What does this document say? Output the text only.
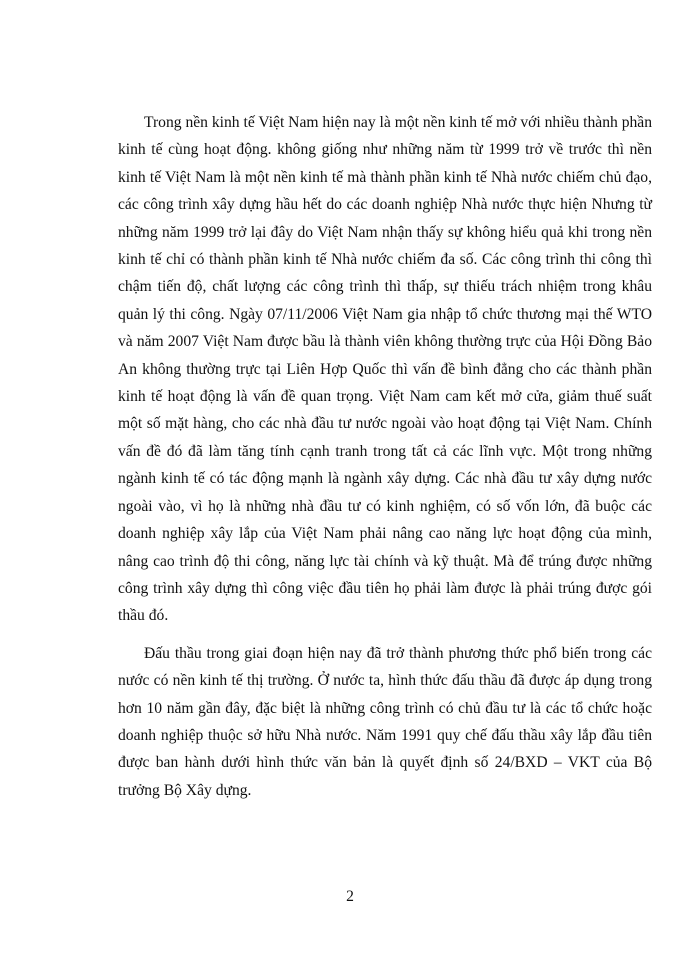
Trong nền kinh tế Việt Nam hiện nay là một nền kinh tế mở với nhiều thành phần kinh tế cùng hoạt động. không giống như những năm từ 1999 trở về trước thì nền kinh tế Việt Nam là một nền kinh tế mà thành phần kinh tế Nhà nước chiếm chủ đạo, các công trình xây dựng hầu hết do các doanh nghiệp Nhà nước thực hiện Nhưng từ những năm 1999 trở lại đây do Việt Nam nhận thấy sự không hiểu quả khi trong nền kinh tế chỉ có thành phần kinh tế Nhà nước chiếm đa số. Các công trình thi công thì chậm tiến độ, chất lượng các công trình thì thấp, sự thiếu trách nhiệm trong khâu quản lý thi công. Ngày 07/11/2006 Việt Nam gia nhập tổ chức thương mại thế WTO và năm 2007 Việt Nam được bầu là thành viên không thường trực của Hội Đồng Bảo An không thường trực tại Liên Hợp Quốc thì vấn đề bình đẳng cho các thành phần kinh tế hoạt động là vấn đề quan trọng. Việt Nam cam kết mở cửa, giảm thuế suất một số mặt hàng, cho các nhà đầu tư nước ngoài vào hoạt động tại Việt Nam. Chính vấn đề đó đã làm tăng tính cạnh tranh trong tất cả các lĩnh vực. Một trong những ngành kinh tế có tác động mạnh là ngành xây dựng. Các nhà đầu tư xây dựng nước ngoài vào, vì họ là những nhà đầu tư có kinh nghiệm, có số vốn lớn, đã buộc các doanh nghiệp xây lắp của Việt Nam phải nâng cao năng lực hoạt động của mình, nâng cao trình độ thi công, năng lực tài chính và kỹ thuật. Mà để trúng được những công trình xây dựng thì công việc đầu tiên họ phải làm được là phải trúng được gói thầu đó.

Đấu thầu trong giai đoạn hiện nay đã trở thành phương thức phổ biến trong các nước có nền kinh tế thị trường. Ở nước ta, hình thức đấu thầu đã được áp dụng trong hơn 10 năm gần đây, đặc biệt là những công trình có chủ đầu tư là các tổ chức hoặc doanh nghiệp thuộc sở hữu Nhà nước. Năm 1991 quy chế đấu thầu xây lắp đầu tiên được ban hành dưới hình thức văn bản là quyết định số 24/BXD – VKT của Bộ trưởng Bộ Xây dựng.

2
